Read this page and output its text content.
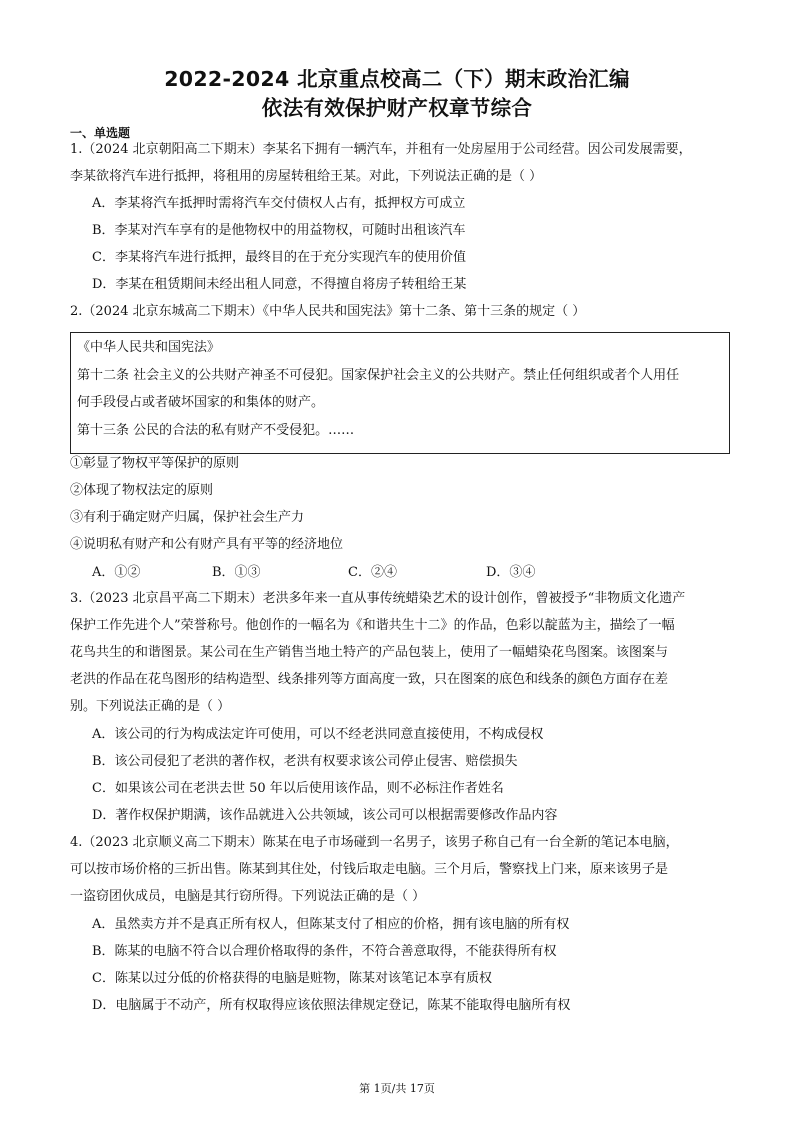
2022-2024 北京重点校高二（下）期末政治汇编
依法有效保护财产权章节综合
一、单选题
1.（2024 北京朝阳高二下期末）李某名下拥有一辆汽车，并租有一处房屋用于公司经营。因公司发展需要，
李某欲将汽车进行抵押，将租用的房屋转租给王某。对此，下列说法正确的是（ ）
A．李某将汽车抵押时需将汽车交付债权人占有，抵押权方可成立
B．李某对汽车享有的是他物权中的用益物权，可随时出租该汽车
C．李某将汽车进行抵押，最终目的在于充分实现汽车的使用价值
D．李某在租赁期间未经出租人同意，不得擅自将房子转租给王某
2.（2024 北京东城高二下期末）《中华人民共和国宪法》第十二条、第十三条的规定（ ）
《中华人民共和国宪法》
第十二条 社会主义的公共财产神圣不可侵犯。国家保护社会主义的公共财产。禁止任何组织或者个人用任
何手段侵占或者破坏国家的和集体的财产。
第十三条 公民的合法的私有财产不受侵犯。……
①彰显了物权平等保护的原则
②体现了物权法定的原则
③有利于确定财产归属，保护社会生产力
④说明私有财产和公有财产具有平等的经济地位
A．①②	B．①③	C．②④	D．③④
3.（2023 北京昌平高二下期末）老洪多年来一直从事传统蜡染艺术的设计创作，曾被授予“非物质文化遗产
保护工作先进个人”荣誉称号。他创作的一幅名为《和谐共生十二》的作品，色彩以靛蓝为主，描绘了一幅
花鸟共生的和谐图景。某公司在生产销售当地土特产的产品包装上，使用了一幅蜡染花鸟图案。该图案与
老洪的作品在花鸟图形的结构造型、线条排列等方面高度一致，只在图案的底色和线条的颜色方面存在差
别。下列说法正确的是（ ）
A．该公司的行为构成法定许可使用，可以不经老洪同意直接使用，不构成侵权
B．该公司侵犯了老洪的著作权，老洪有权要求该公司停止侵害、赔偿损失
C．如果该公司在老洪去世 50 年以后使用该作品，则不必标注作者姓名
D．著作权保护期满，该作品就进入公共领域，该公司可以根据需要修改作品内容
4.（2023 北京顺义高二下期末）陈某在电子市场碰到一名男子，该男子称自己有一台全新的笔记本电脑，
可以按市场价格的三折出售。陈某到其住处，付钱后取走电脑。三个月后，警察找上门来，原来该男子是
一盗窃团伙成员，电脑是其行窃所得。下列说法正确的是（ ）
A．虽然卖方并不是真正所有权人，但陈某支付了相应的价格，拥有该电脑的所有权
B．陈某的电脑不符合以合理价格取得的条件，不符合善意取得，不能获得所有权
C．陈某以过分低的价格获得的电脑是赃物，陈某对该笔记本享有质权
D．电脑属于不动产，所有权取得应该依照法律规定登记，陈某不能取得电脑所有权
第 1页/共 17页
